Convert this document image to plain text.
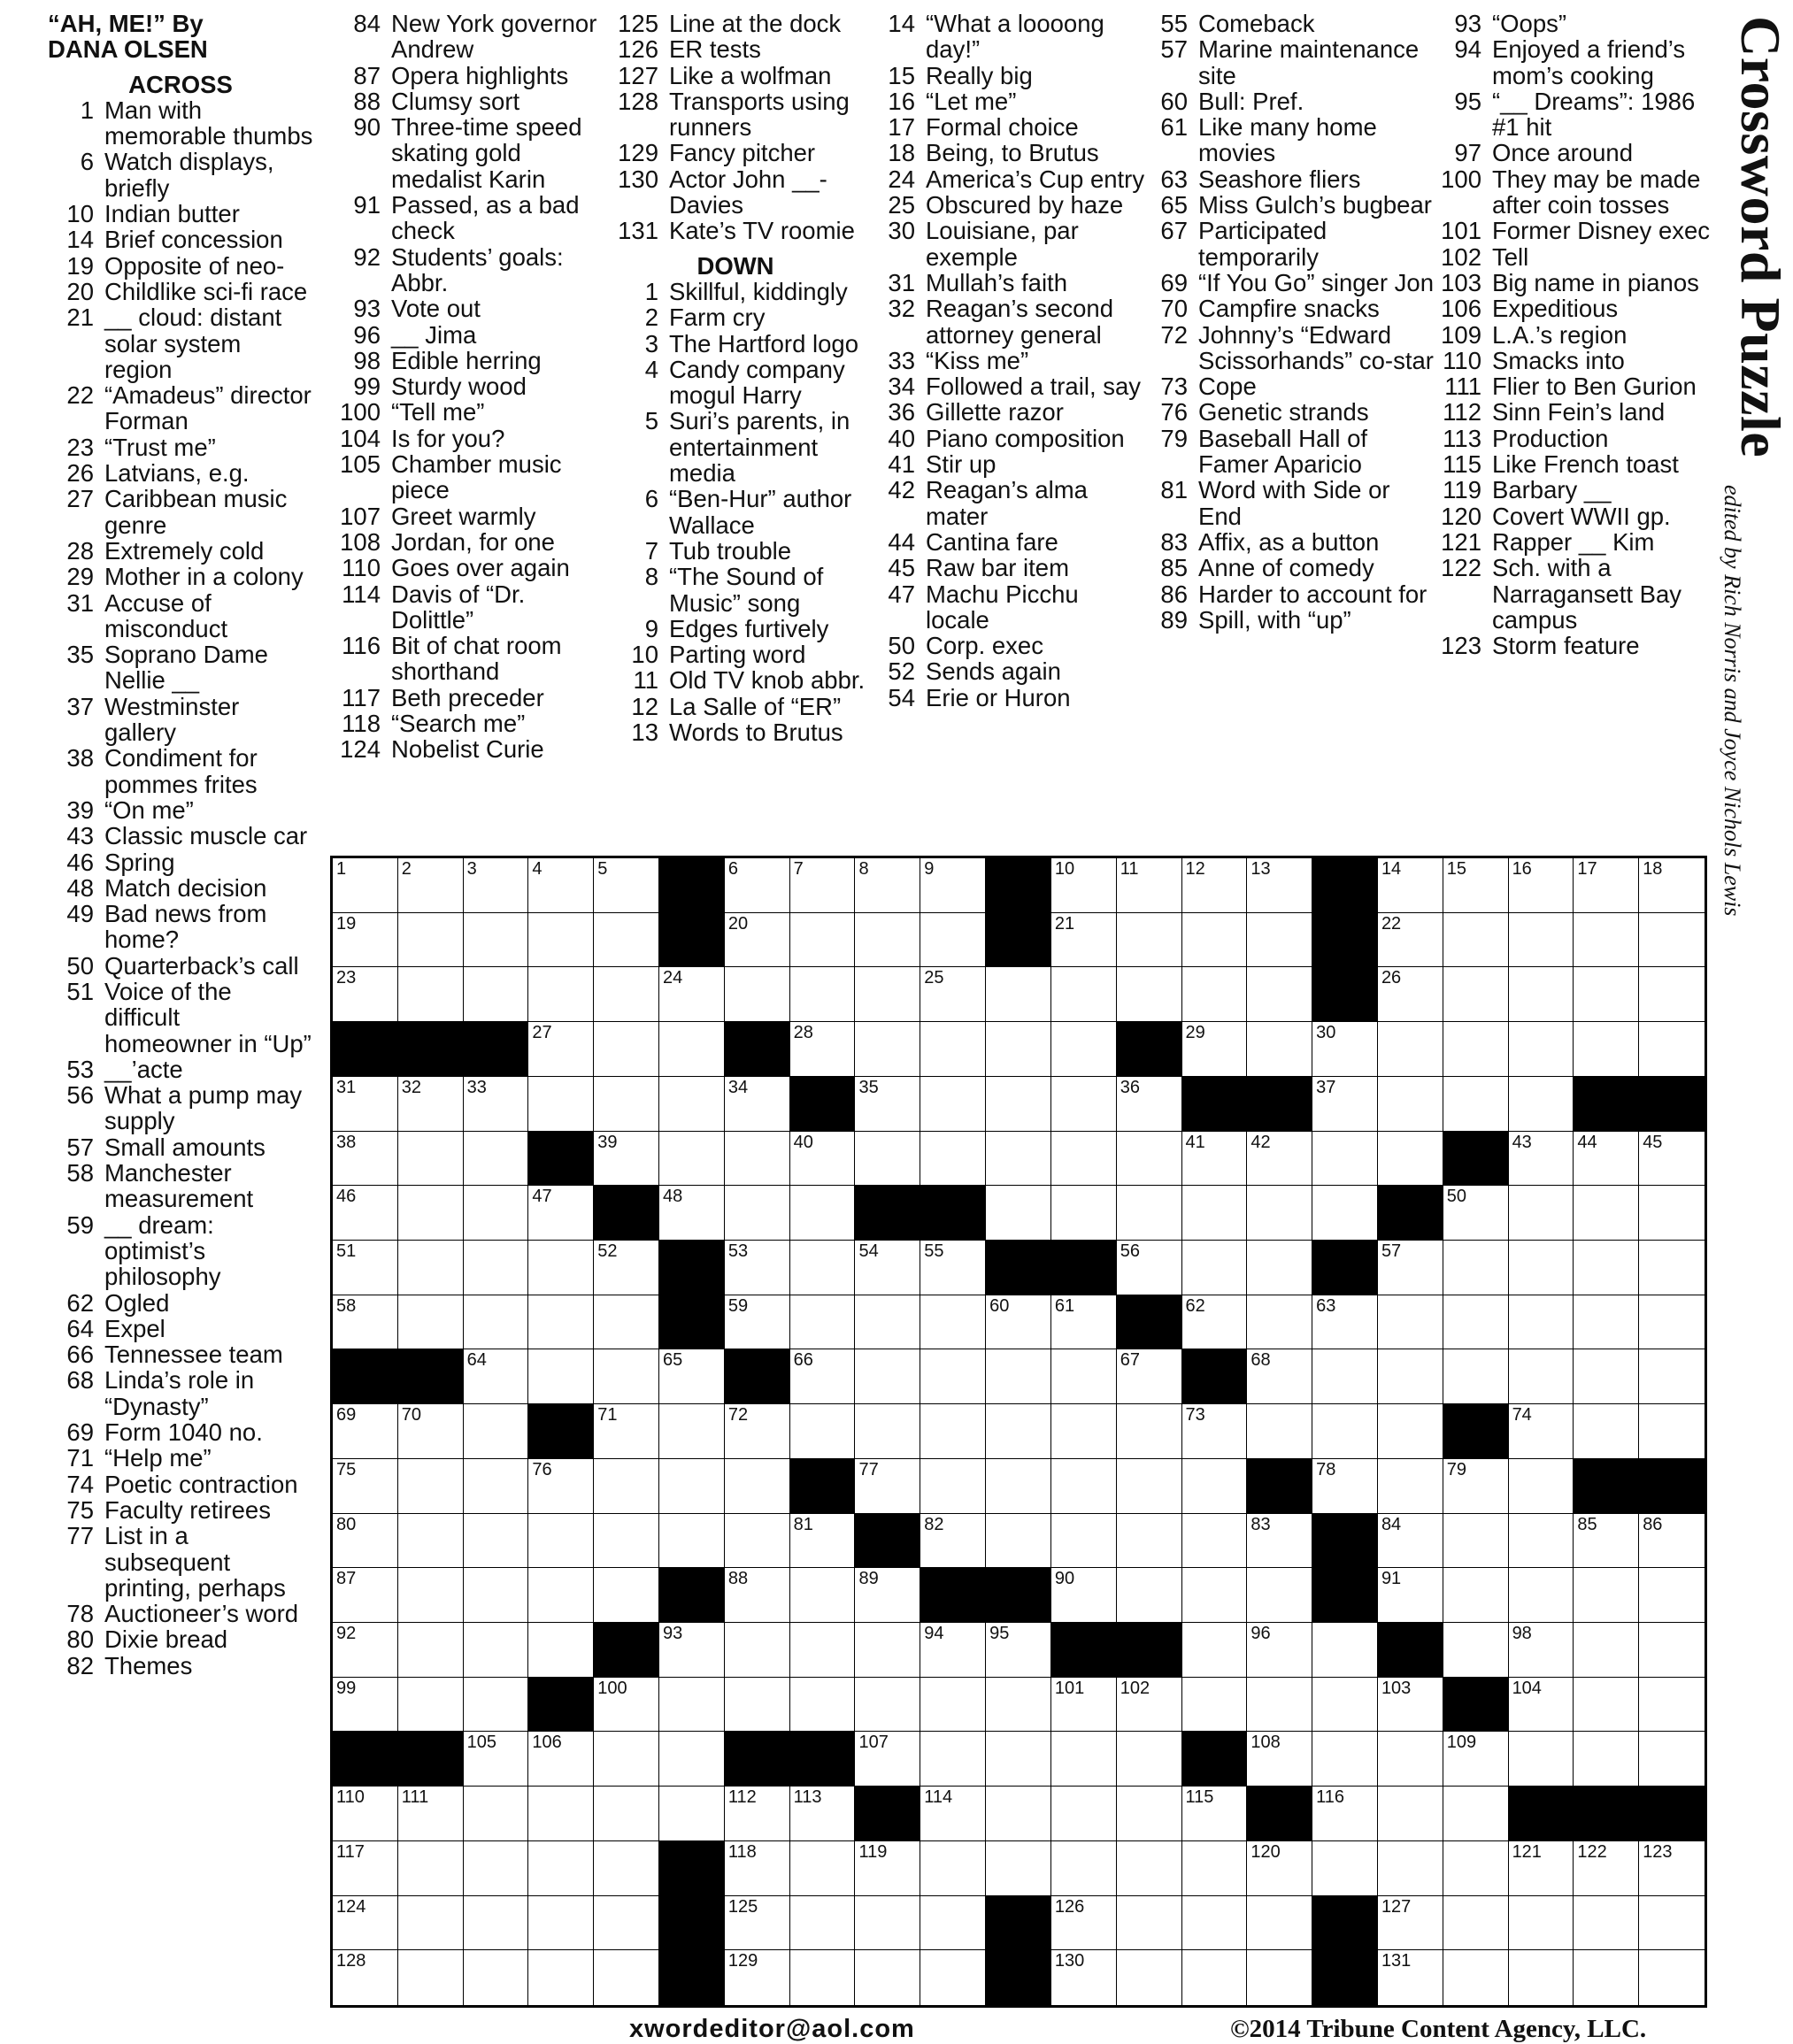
“AH, ME!” By
DANA OLSEN
ACROSS
1 Man with memorable thumbs
6 Watch displays, briefly
10 Indian butter
14 Brief concession
19 Opposite of neo-
20 Childlike sci-fi race
21 __ cloud: distant solar system region
22 “Amadeus” director Forman
23 “Trust me”
26 Latvians, e.g.
27 Caribbean music genre
28 Extremely cold
29 Mother in a colony
31 Accuse of misconduct
35 Soprano Dame Nellie __
37 Westminster gallery
38 Condiment for pommes frites
39 “On me”
43 Classic muscle car
46 Spring
48 Match decision
49 Bad news from home?
50 Quarterback’s call
51 Voice of the difficult homeowner in “Up”
53 __’acte
56 What a pump may supply
57 Small amounts
58 Manchester measurement
59 __ dream: optimist’s philosophy
62 Ogled
64 Expel
66 Tennessee team
68 Linda’s role in “Dynasty”
69 Form 1040 no.
71 “Help me”
74 Poetic contraction
75 Faculty retirees
77 List in a subsequent printing, perhaps
78 Auctioneer’s word
80 Dixie bread
82 Themes
84 New York governor Andrew
87 Opera highlights
88 Clumsy sort
90 Three-time speed skating gold medalist Karin
91 Passed, as a bad check
92 Students’ goals: Abbr.
93 Vote out
96 __ Jima
98 Edible herring
99 Sturdy wood
100 “Tell me”
104 Is for you?
105 Chamber music piece
107 Greet warmly
108 Jordan, for one
110 Goes over again
114 Davis of “Dr. Dolittle”
116 Bit of chat room shorthand
117 Beth preceder
118 “Search me”
124 Nobelist Curie
125 Line at the dock
126 ER tests
127 Like a wolfman
128 Transports using runners
129 Fancy pitcher
130 Actor John __-Davies
131 Kate’s TV roomie
DOWN
1 Skillful, kiddingly
2 Farm cry
3 The Hartford logo
4 Candy company mogul Harry
5 Suri’s parents, in entertainment media
6 “Ben-Hur” author Wallace
7 Tub trouble
8 “The Sound of Music” song
9 Edges furtively
10 Parting word
11 Old TV knob abbr.
12 La Salle of “ER”
13 Words to Brutus
14 “What a loooong day!”
15 Really big
16 “Let me”
17 Formal choice
18 Being, to Brutus
24 America’s Cup entry
25 Obscured by haze
30 Louisiane, par exemple
31 Mullah’s faith
32 Reagan’s second attorney general
33 “Kiss me”
34 Followed a trail, say
36 Gillette razor
40 Piano composition
41 Stir up
42 Reagan’s alma mater
44 Cantina fare
45 Raw bar item
47 Machu Picchu locale
50 Corp. exec
52 Sends again
54 Erie or Huron
55 Comeback
57 Marine maintenance site
60 Bull: Pref.
61 Like many home movies
63 Seashore fliers
65 Miss Gulch’s bugbear
67 Participated temporarily
69 “If You Go” singer Jon
70 Campfire snacks
72 Johnny’s “Edward Scissorhands” co-star
73 Cope
76 Genetic strands
79 Baseball Hall of Famer Aparicio
81 Word with Side or End
83 Affix, as a button
85 Anne of comedy
86 Harder to account for
89 Spill, with “up”
93 “Oops”
94 Enjoyed a friend’s mom’s cooking
95 “__ Dreams”: 1986 #1 hit
97 Once around
100 They may be made after coin tosses
101 Former Disney exec
102 Tell
103 Big name in pianos
106 Expeditious
109 L.A.’s region
110 Smacks into
111 Flier to Ben Gurion
112 Sinn Fein’s land
113 Production
115 Like French toast
119 Barbary __
120 Covert WWII gp.
121 Rapper __ Kim
122 Sch. with a Narragansett Bay campus
123 Storm feature
1	2	3	4	5	6	7	8	9	10	11	12	13	14	15	16	17	18
19	20	21	22
23	24	25	26
27	28	29	30
31	32	33	34	35	36	37
38	39	40	41	42	43	44	45
46	47	48	50
51	52	53	54	55	56	57
58	59	60	61	62	63
64	65	66	67	68
69	70	71	72	73	74
75	76	77	78	79
80	81	82	83	84	85	86
87	88	89	90	91
92	93	94	95	96	98
99	100	101 102	103	104
105 106	107	108	109
110 111	112 113	114	115	116
117	118	119	120	121 122 123
124	125	126	127
128	129	130	131
Crossword Puzzle
edited by Rich Norris and Joyce Nichols Lewis
xwordeditor@aol.com	©2014 Tribune Content Agency, LLC.
